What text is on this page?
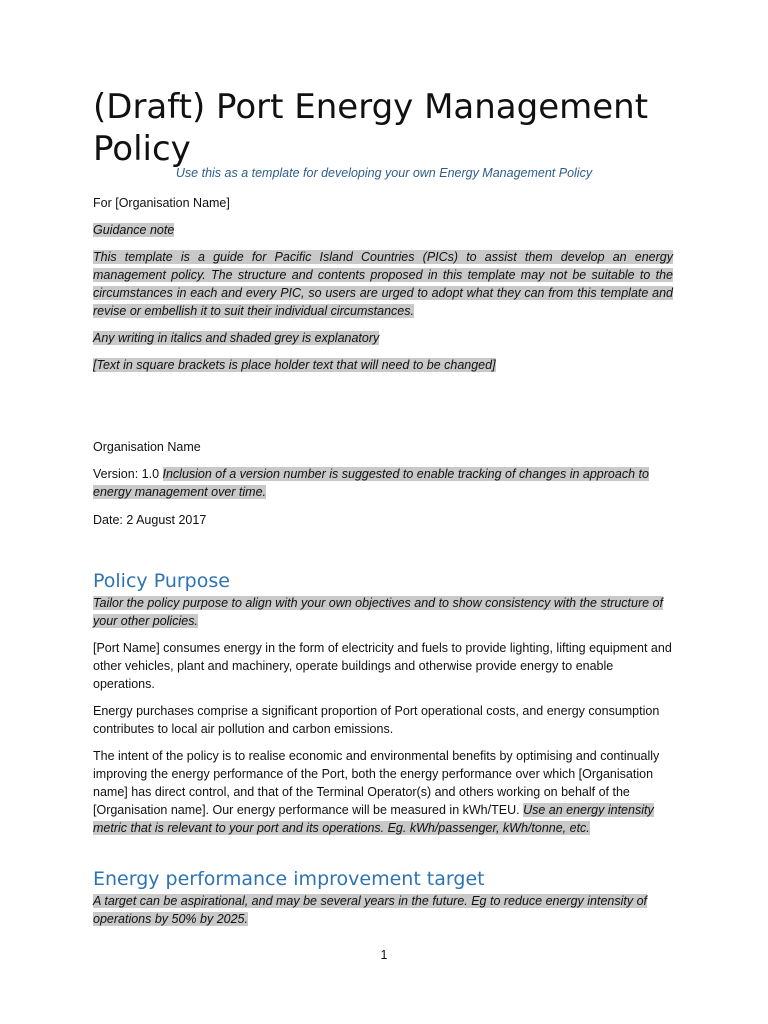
(Draft) Port Energy Management Policy
Use this as a template for developing your own Energy Management Policy

For [Organisation Name]

Guidance note

This template is a guide for Pacific Island Countries (PICs) to assist them develop an energy management policy. The structure and contents proposed in this template may not be suitable to the circumstances in each and every PIC, so users are urged to adopt what they can from this template and revise or embellish it to suit their individual circumstances.

Any writing in italics and shaded grey is explanatory

[Text in square brackets is place holder text that will need to be changed]

Organisation Name

Version: 1.0 Inclusion of a version number is suggested to enable tracking of changes in approach to energy management over time.

Date: 2 August 2017

Policy Purpose

Tailor the policy purpose to align with your own objectives and to show consistency with the structure of your other policies.

[Port Name] consumes energy in the form of electricity and fuels to provide lighting, lifting equipment and other vehicles, plant and machinery, operate buildings and otherwise provide energy to enable operations.

Energy purchases comprise a significant proportion of Port operational costs, and energy consumption contributes to local air pollution and carbon emissions.

The intent of the policy is to realise economic and environmental benefits by optimising and continually improving the energy performance of the Port, both the energy performance over which [Organisation name] has direct control, and that of the Terminal Operator(s) and others working on behalf of the [Organisation name]. Our energy performance will be measured in kWh/TEU. Use an energy intensity metric that is relevant to your port and its operations. Eg. kWh/passenger, kWh/tonne, etc.

Energy performance improvement target

A target can be aspirational, and may be several years in the future. Eg to reduce energy intensity of operations by 50% by 2025.

1
